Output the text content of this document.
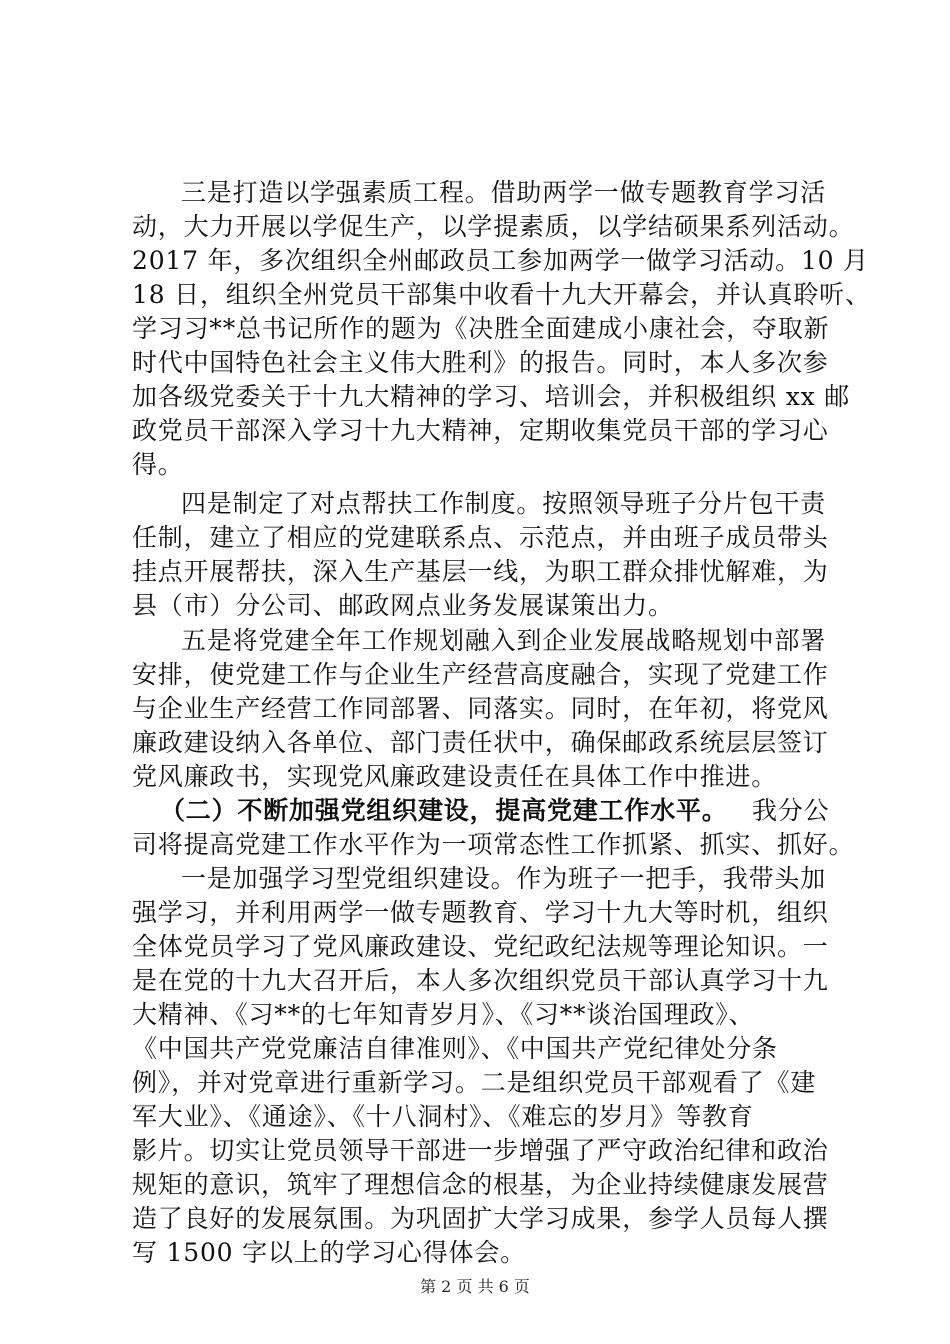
三是打造以学强素质工程。借助两学一做专题教育学习活
动，大力开展以学促生产，以学提素质，以学结硕果系列活动。
2017 年，多次组织全州邮政员工参加两学一做学习活动。10 月
18 日，组织全州党员干部集中收看十九大开幕会，并认真聆听、
学习习**总书记所作的题为《决胜全面建成小康社会，夺取新
时代中国特色社会主义伟大胜利》的报告。同时，本人多次参
加各级党委关于十九大精神的学习、培训会，并积极组织 xx 邮
政党员干部深入学习十九大精神，定期收集党员干部的学习心
得。
四是制定了对点帮扶工作制度。按照领导班子分片包干责
任制，建立了相应的党建联系点、示范点，并由班子成员带头
挂点开展帮扶，深入生产基层一线，为职工群众排忧解难，为
县（市）分公司、邮政网点业务发展谋策出力。
五是将党建全年工作规划融入到企业发展战略规划中部署
安排，使党建工作与企业生产经营高度融合，实现了党建工作
与企业生产经营工作同部署、同落实。同时，在年初，将党风
廉政建设纳入各单位、部门责任状中，确保邮政系统层层签订
党风廉政书，实现党风廉政建设责任在具体工作中推进。
（二）不断加强党组织建设，提高党建工作水平。 我分公
司将提高党建工作水平作为一项常态性工作抓紧、抓实、抓好。
一是加强学习型党组织建设。作为班子一把手，我带头加
强学习，并利用两学一做专题教育、学习十九大等时机，组织
全体党员学习了党风廉政建设、党纪政纪法规等理论知识。一
是在党的十九大召开后，本人多次组织党员干部认真学习十九
大精神、《习**的七年知青岁月》、《习**谈治国理政》、
《中国共产党党廉洁自律准则》、《中国共产党纪律处分条
例》，并对党章进行重新学习。二是组织党员干部观看了《建
军大业》、《通途》、《十八洞村》、《难忘的岁月》等教育
影片。切实让党员领导干部进一步增强了严守政治纪律和政治
规矩的意识，筑牢了理想信念的根基，为企业持续健康发展营
造了良好的发展氛围。为巩固扩大学习成果，参学人员每人撰
写 1500 字以上的学习心得体会。
第 2 页 共 6 页
